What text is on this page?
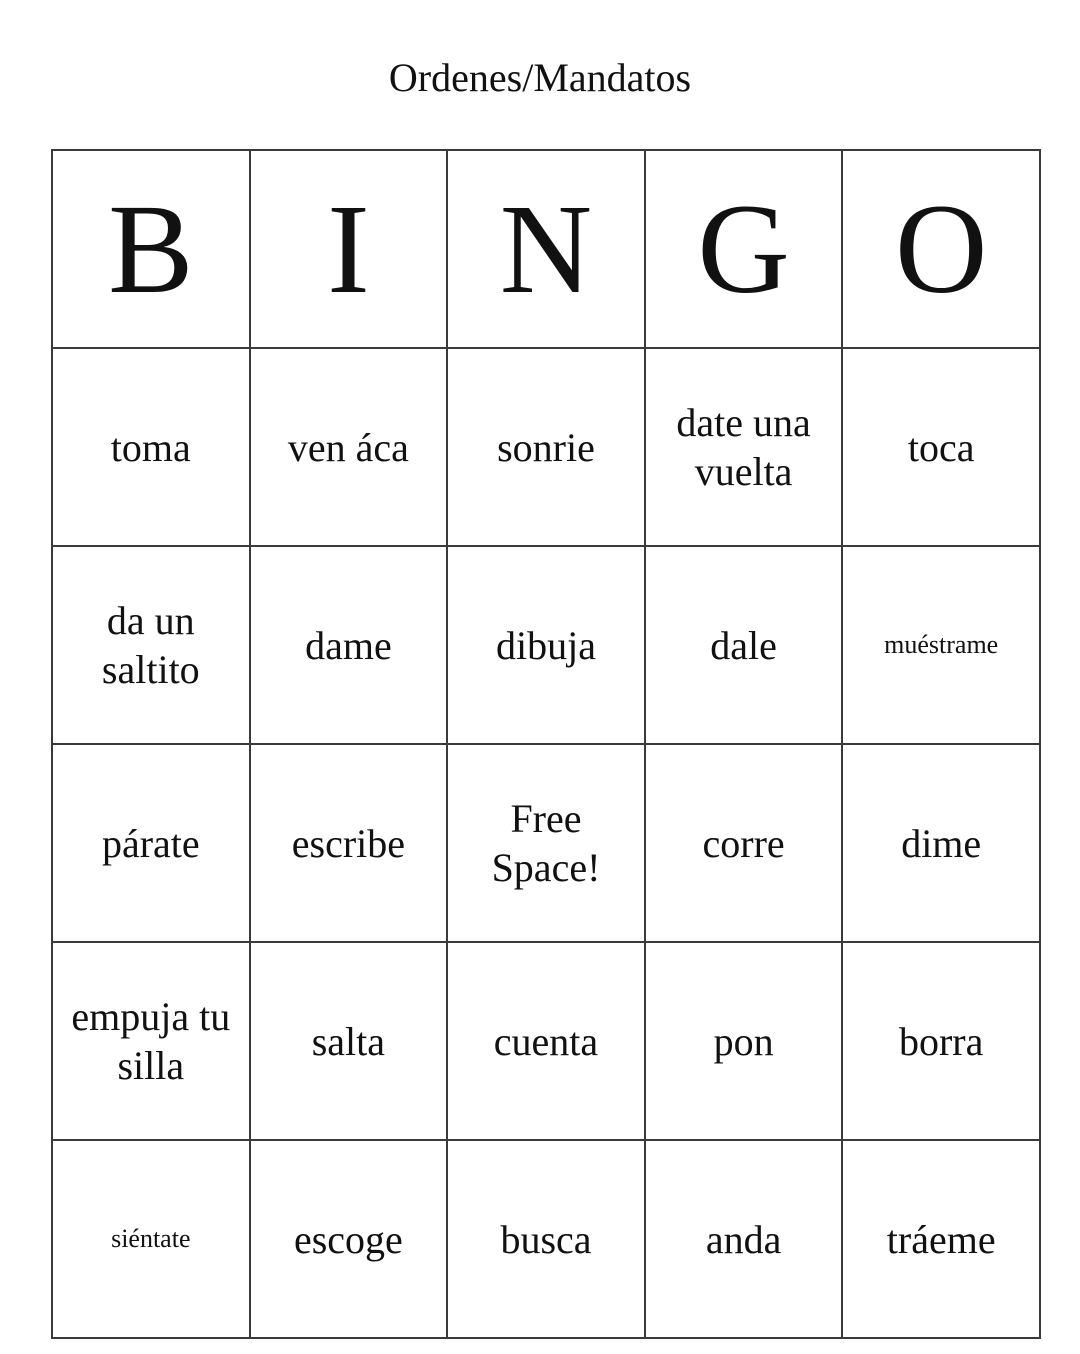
Ordenes/Mandatos
B	I	N	G	O
toma	ven áca	sonrie	date una vuelta	toca
da un saltito	dame	dibuja	dale	muéstrame
párate	escribe	Free Space!	corre	dime
empuja tu silla	salta	cuenta	pon	borra
siéntate	escoge	busca	anda	tráeme
